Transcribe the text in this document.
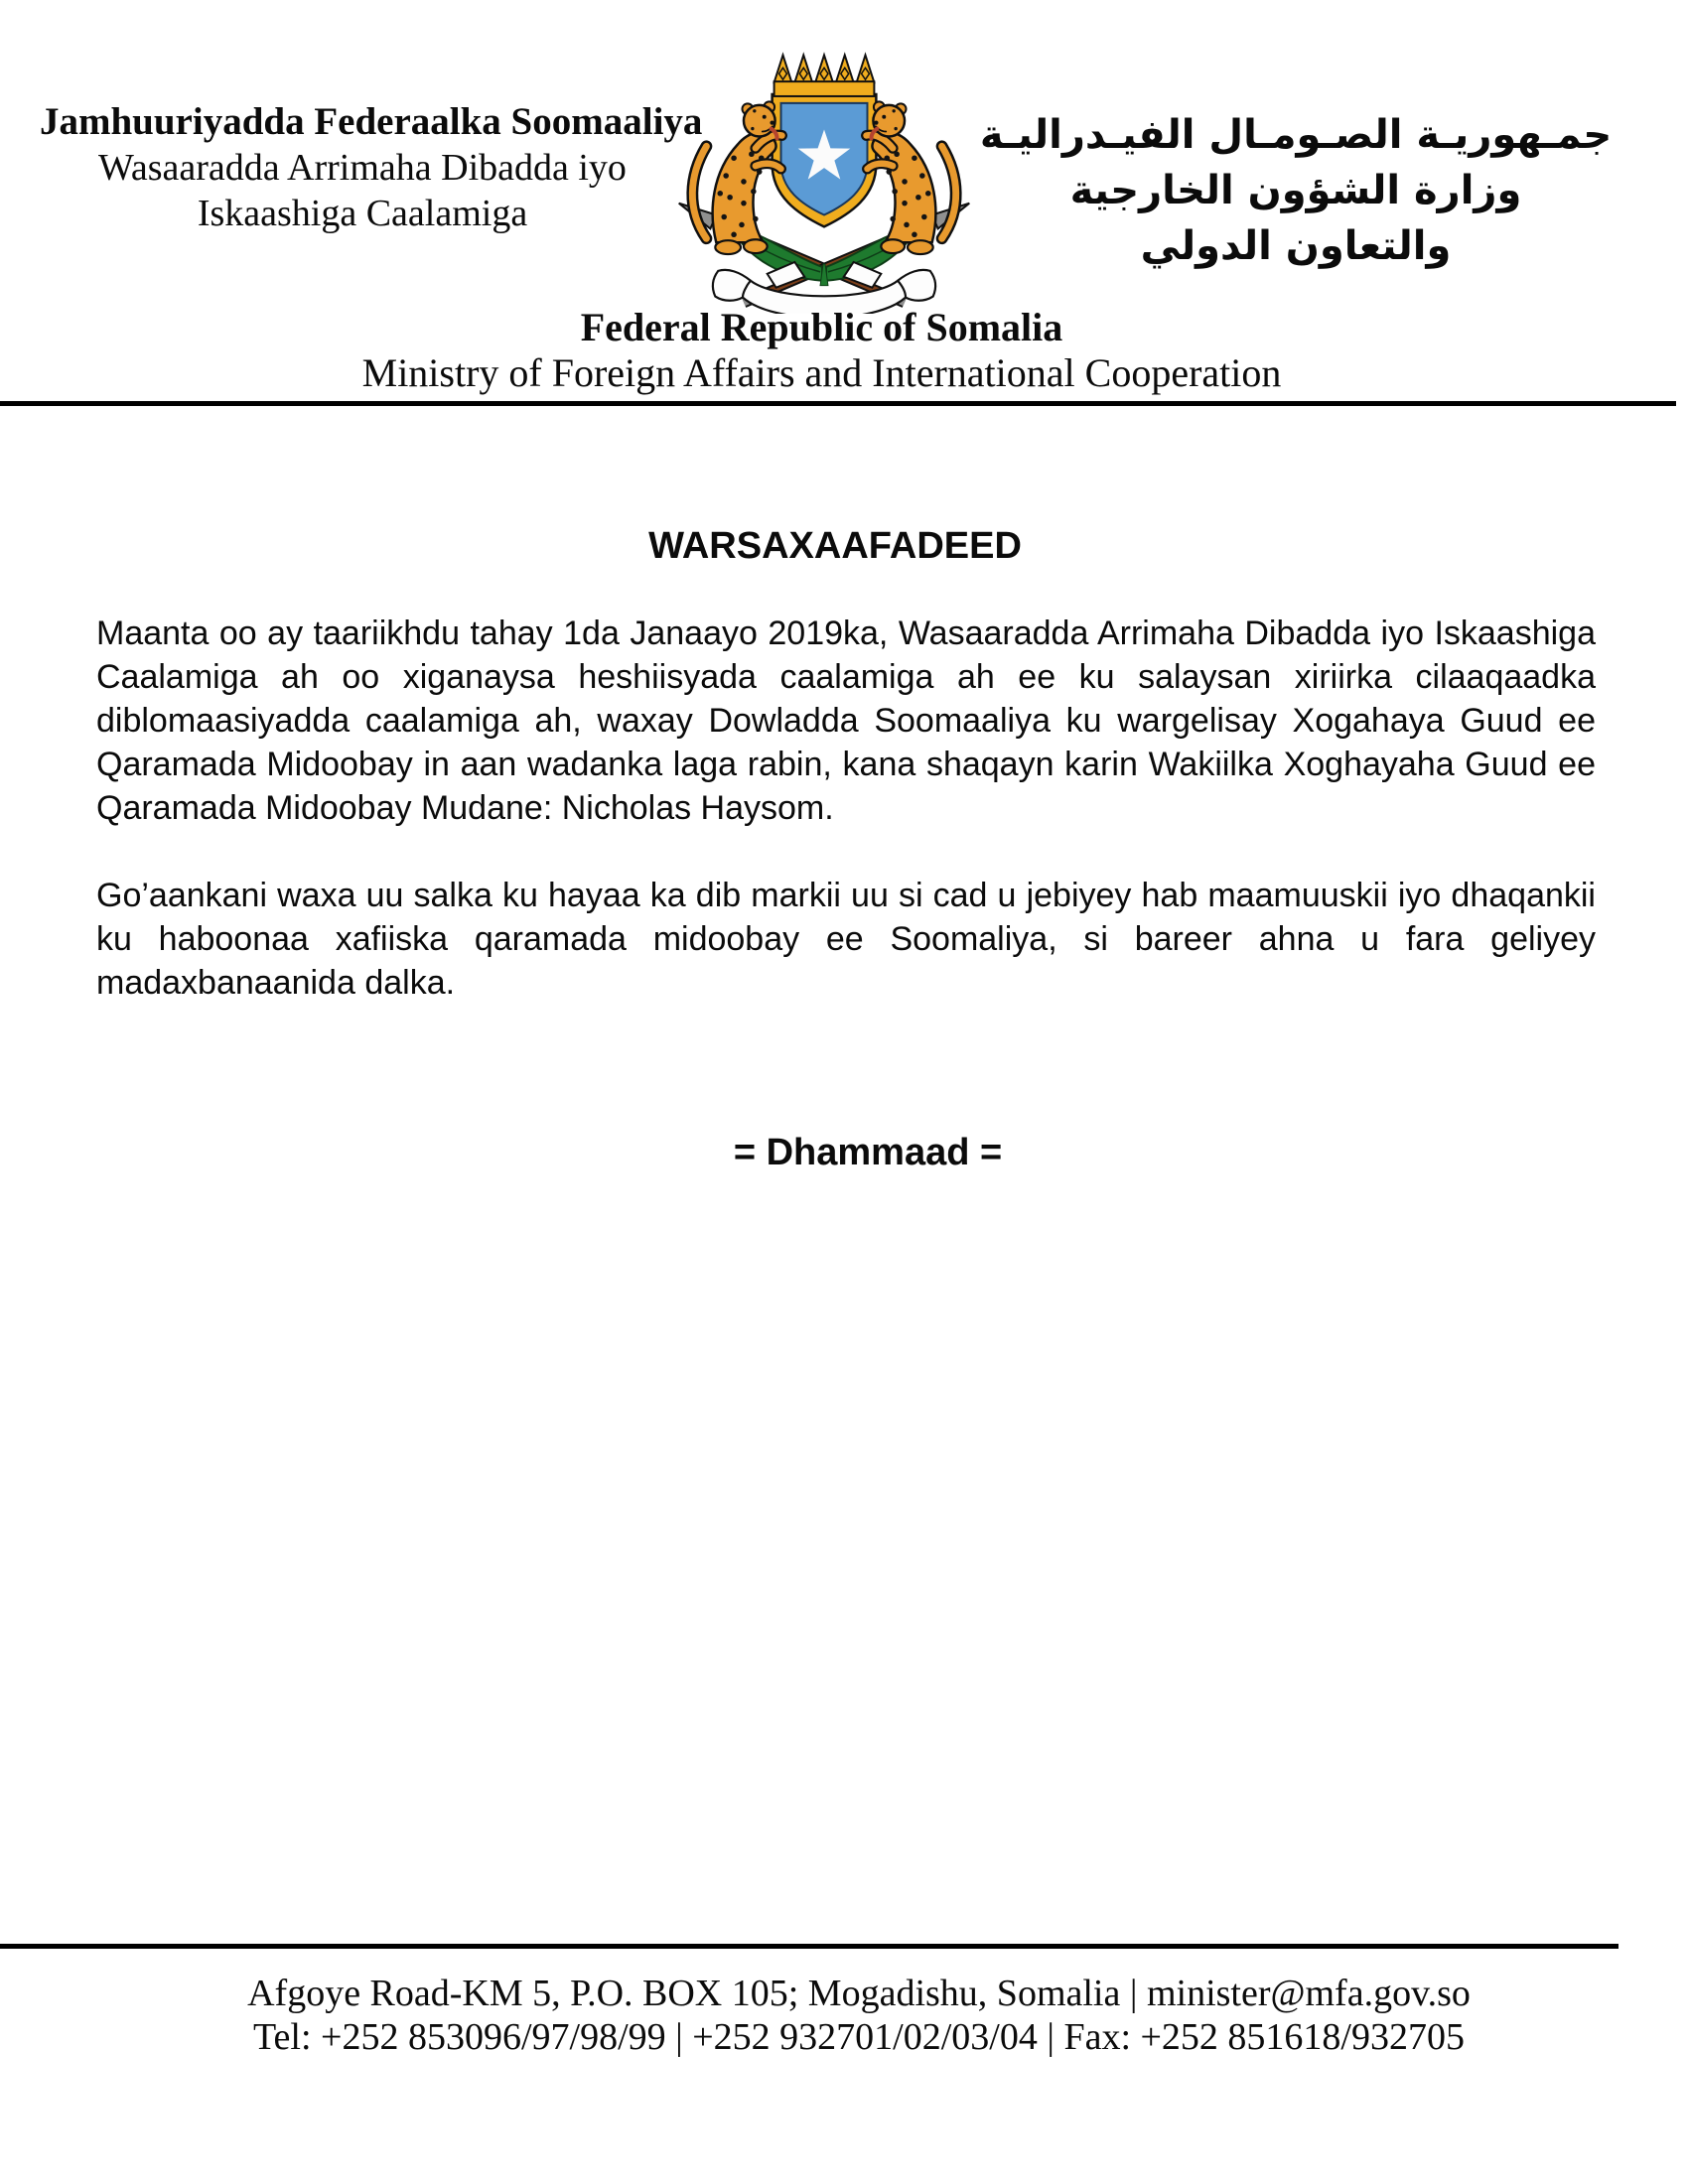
Jamhuuriyadda Federaalka Soomaaliya
Wasaaradda Arrimaha Dibadda iyo
Iskaashiga Caalamiga
جمـهوريـة الصـومـال الفيـدراليـة
وزارة الشؤون الخارجية
والتعاون الدولي
Federal Republic of Somalia
Ministry of Foreign Affairs and International Cooperation
WARSAXAAFADEED

Maanta oo ay taariikhdu tahay 1da Janaayo 2019ka, Wasaaradda Arrimaha Dibadda iyo Iskaashiga Caalamiga ah oo xiganaysa heshiisyada caalamiga ah ee ku salaysan xiriirka cilaaqaadka diblomaasiyadda caalamiga ah, waxay Dowladda Soomaaliya ku wargelisay Xogahaya Guud ee Qaramada Midoobay in aan wadanka laga rabin, kana shaqayn karin Wakiilka Xoghayaha Guud ee Qaramada Midoobay Mudane: Nicholas Haysom.

Go’aankani waxa uu salka ku hayaa ka dib markii uu si cad u jebiyey hab maamuuskii iyo dhaqankii ku haboonaa xafiiska qaramada midoobay ee Soomaliya, si bareer ahna u fara geliyey madaxbanaanida dalka.

= Dhammaad =
Afgoye Road-KM 5, P.O. BOX 105; Mogadishu, Somalia | minister@mfa.gov.so
Tel: +252 853096/97/98/99 | +252 932701/02/03/04 | Fax: +252 851618/932705
